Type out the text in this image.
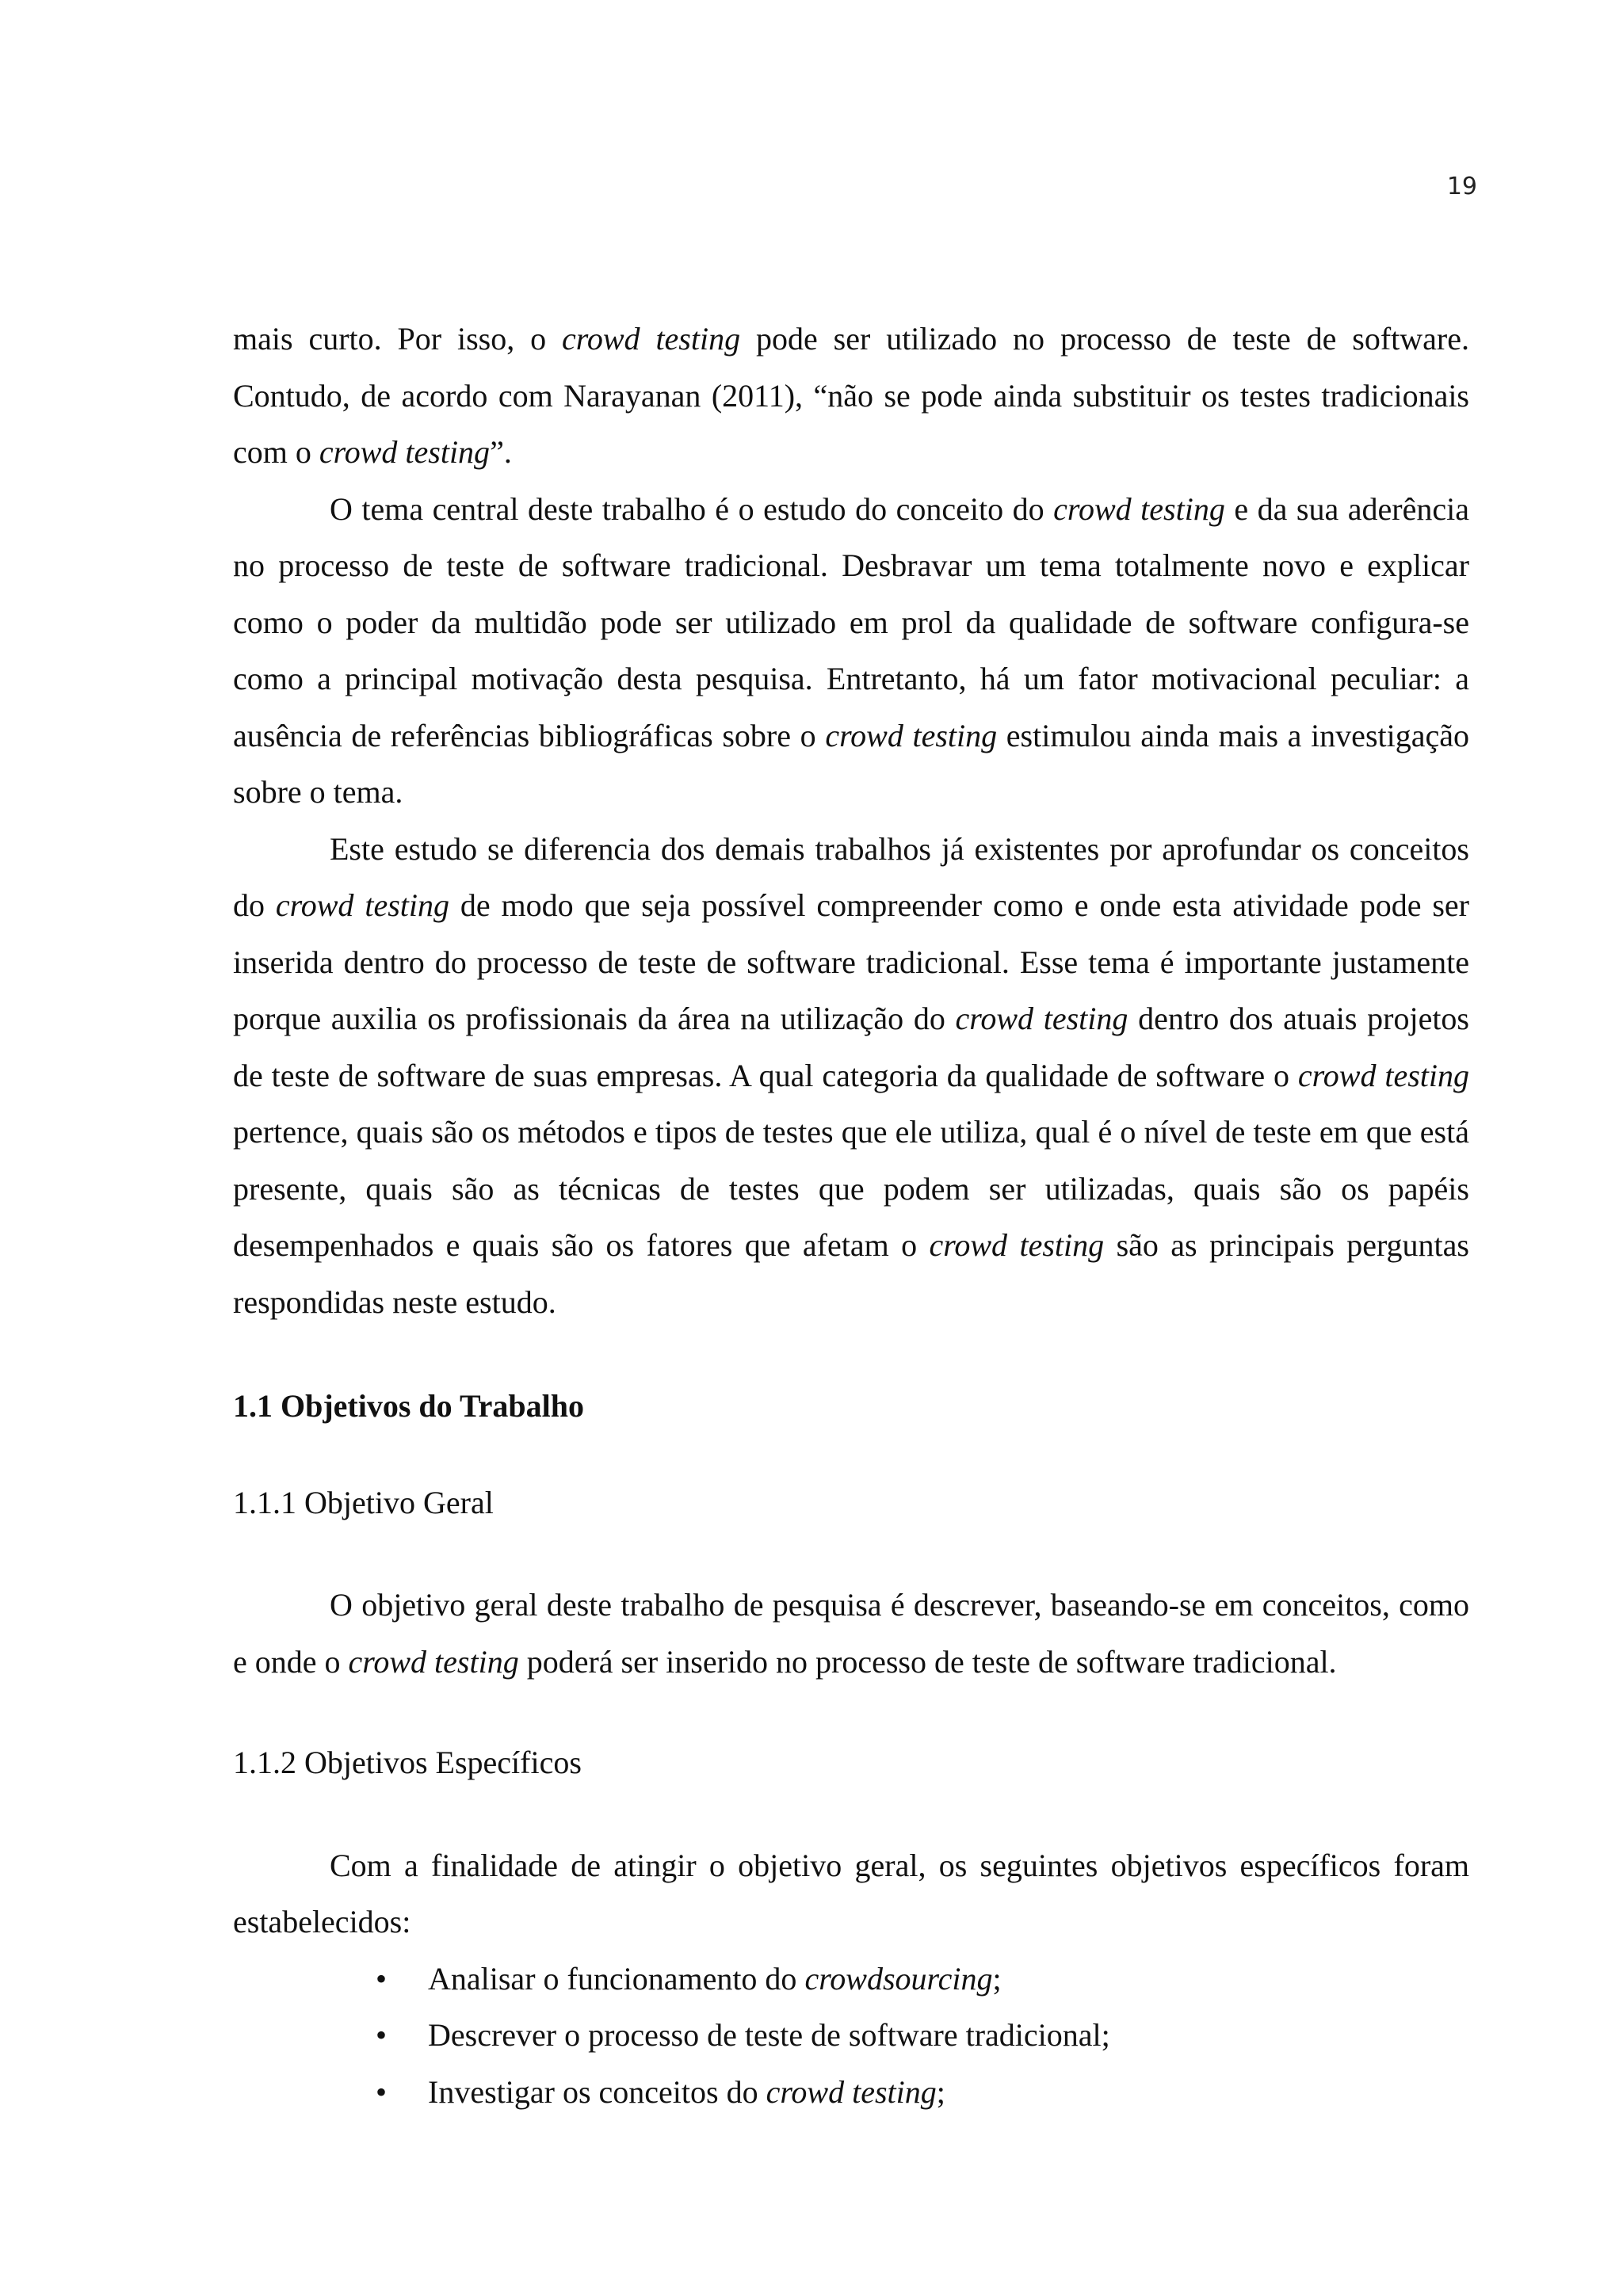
19

mais curto. Por isso, o crowd testing pode ser utilizado no processo de teste de software. Contudo, de acordo com Narayanan (2011), “não se pode ainda substituir os testes tradicionais com o crowd testing”.

O tema central deste trabalho é o estudo do conceito do crowd testing e da sua aderência no processo de teste de software tradicional. Desbravar um tema totalmente novo e explicar como o poder da multidão pode ser utilizado em prol da qualidade de software configura-se como a principal motivação desta pesquisa. Entretanto, há um fator motivacional peculiar: a ausência de referências bibliográficas sobre o crowd testing estimulou ainda mais a investigação sobre o tema.

Este estudo se diferencia dos demais trabalhos já existentes por aprofundar os conceitos do crowd testing de modo que seja possível compreender como e onde esta atividade pode ser inserida dentro do processo de teste de software tradicional. Esse tema é importante justamente porque auxilia os profissionais da área na utilização do crowd testing dentro dos atuais projetos de teste de software de suas empresas. A qual categoria da qualidade de software o crowd testing pertence, quais são os métodos e tipos de testes que ele utiliza, qual é o nível de teste em que está presente, quais são as técnicas de testes que podem ser utilizadas, quais são os papéis desempenhados e quais são os fatores que afetam o crowd testing são as principais perguntas respondidas neste estudo.

1.1 Objetivos do Trabalho
1.1.1 Objetivo Geral

O objetivo geral deste trabalho de pesquisa é descrever, baseando-se em conceitos, como e onde o crowd testing poderá ser inserido no processo de teste de software tradicional.

1.1.2 Objetivos Específicos

Com a finalidade de atingir o objetivo geral, os seguintes objetivos específicos foram estabelecidos:

• Analisar o funcionamento do crowdsourcing;
• Descrever o processo de teste de software tradicional;
• Investigar os conceitos do crowd testing;
